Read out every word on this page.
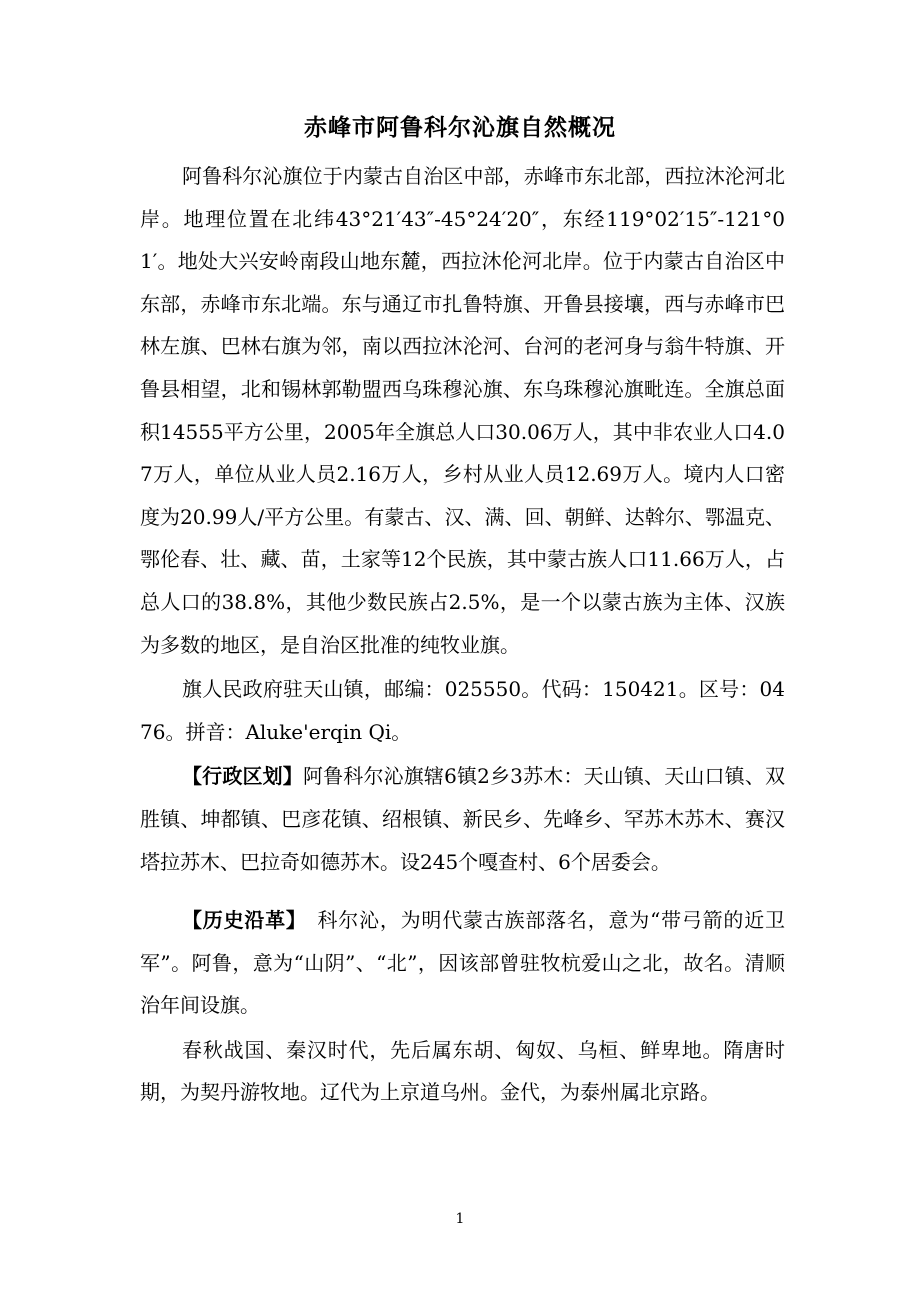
赤峰市阿鲁科尔沁旗自然概况

阿鲁科尔沁旗位于内蒙古自治区中部，赤峰市东北部，西拉沐沦河北岸。地理位置在北纬43°21′43″-45°24′20″，东经119°02′15″-121°01′。地处大兴安岭南段山地东麓，西拉沐伦河北岸。位于内蒙古自治区中东部，赤峰市东北端。东与通辽市扎鲁特旗、开鲁县接壤，西与赤峰市巴林左旗、巴林右旗为邻，南以西拉沐沦河、台河的老河身与翁牛特旗、开鲁县相望，北和锡林郭勒盟西乌珠穆沁旗、东乌珠穆沁旗毗连。全旗总面积14555平方公里，2005年全旗总人口30.06万人，其中非农业人口4.07万人，单位从业人员2.16万人，乡村从业人员12.69万人。境内人口密度为20.99人/平方公里。有蒙古、汉、满、回、朝鲜、达斡尔、鄂温克、鄂伦春、壮、藏、苗，土家等12个民族，其中蒙古族人口11.66万人，占总人口的38.8%，其他少数民族占2.5%，是一个以蒙古族为主体、汉族为多数的地区，是自治区批准的纯牧业旗。

旗人民政府驻天山镇，邮编：025550。代码：150421。区号：0476。拼音：Aluke'erqin Qi。

【行政区划】阿鲁科尔沁旗辖6镇2乡3苏木：天山镇、天山口镇、双胜镇、坤都镇、巴彦花镇、绍根镇、新民乡、先峰乡、罕苏木苏木、赛汉塔拉苏木、巴拉奇如德苏木。设245个嘎查村、6个居委会。

【历史沿革】　科尔沁，为明代蒙古族部落名，意为“带弓箭的近卫军”。阿鲁，意为“山阴”、“北”，因该部曾驻牧杭爱山之北，故名。清顺治年间设旗。

春秋战国、秦汉时代，先后属东胡、匈奴、乌桓、鲜卑地。隋唐时期，为契丹游牧地。辽代为上京道乌州。金代，为泰州属北京路。

1
